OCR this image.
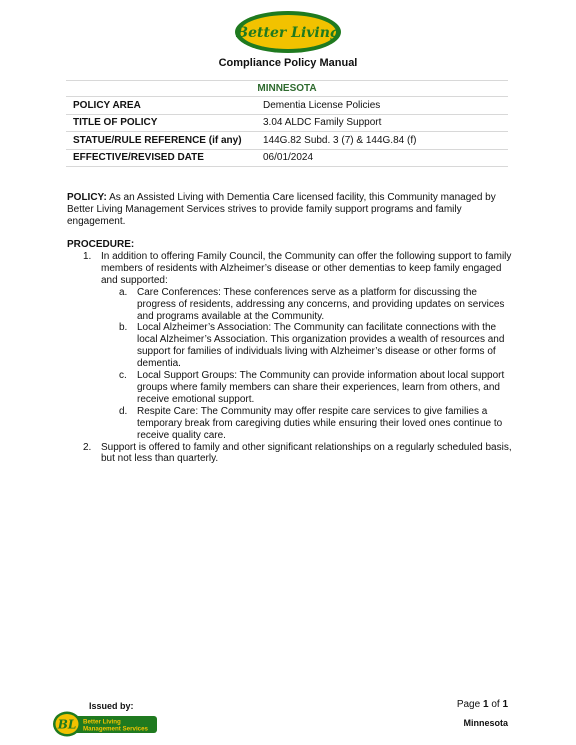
Better Living
Compliance Policy Manual
MINNESOTA
POLICY AREA	Dementia License Policies
TITLE OF POLICY	3.04 ALDC Family Support
STATUE/RULE REFERENCE (if any)	144G.82 Subd. 3 (7) & 144G.84 (f)
EFFECTIVE/REVISED DATE	06/01/2024
POLICY: As an Assisted Living with Dementia Care licensed facility, this Community managed by Better Living Management Services strives to provide family support programs and family engagement.
PROCEDURE:
1. In addition to offering Family Council, the Community can offer the following support to family members of residents with Alzheimer’s disease or other dementias to keep family engaged and supported:
a. Care Conferences: These conferences serve as a platform for discussing the progress of residents, addressing any concerns, and providing updates on services and programs available at the Community.
b. Local Alzheimer’s Association: The Community can facilitate connections with the local Alzheimer’s Association. This organization provides a wealth of resources and support for families of individuals living with Alzheimer’s disease or other forms of dementia.
c. Local Support Groups: The Community can provide information about local support groups where family members can share their experiences, learn from others, and receive emotional support.
d. Respite Care: The Community may offer respite care services to give families a temporary break from caregiving duties while ensuring their loved ones continue to receive quality care.
2. Support is offered to family and other significant relationships on a regularly scheduled basis, but not less than quarterly.
Issued by:
BL Better Living
Management Services
Page 1 of 1
Minnesota
